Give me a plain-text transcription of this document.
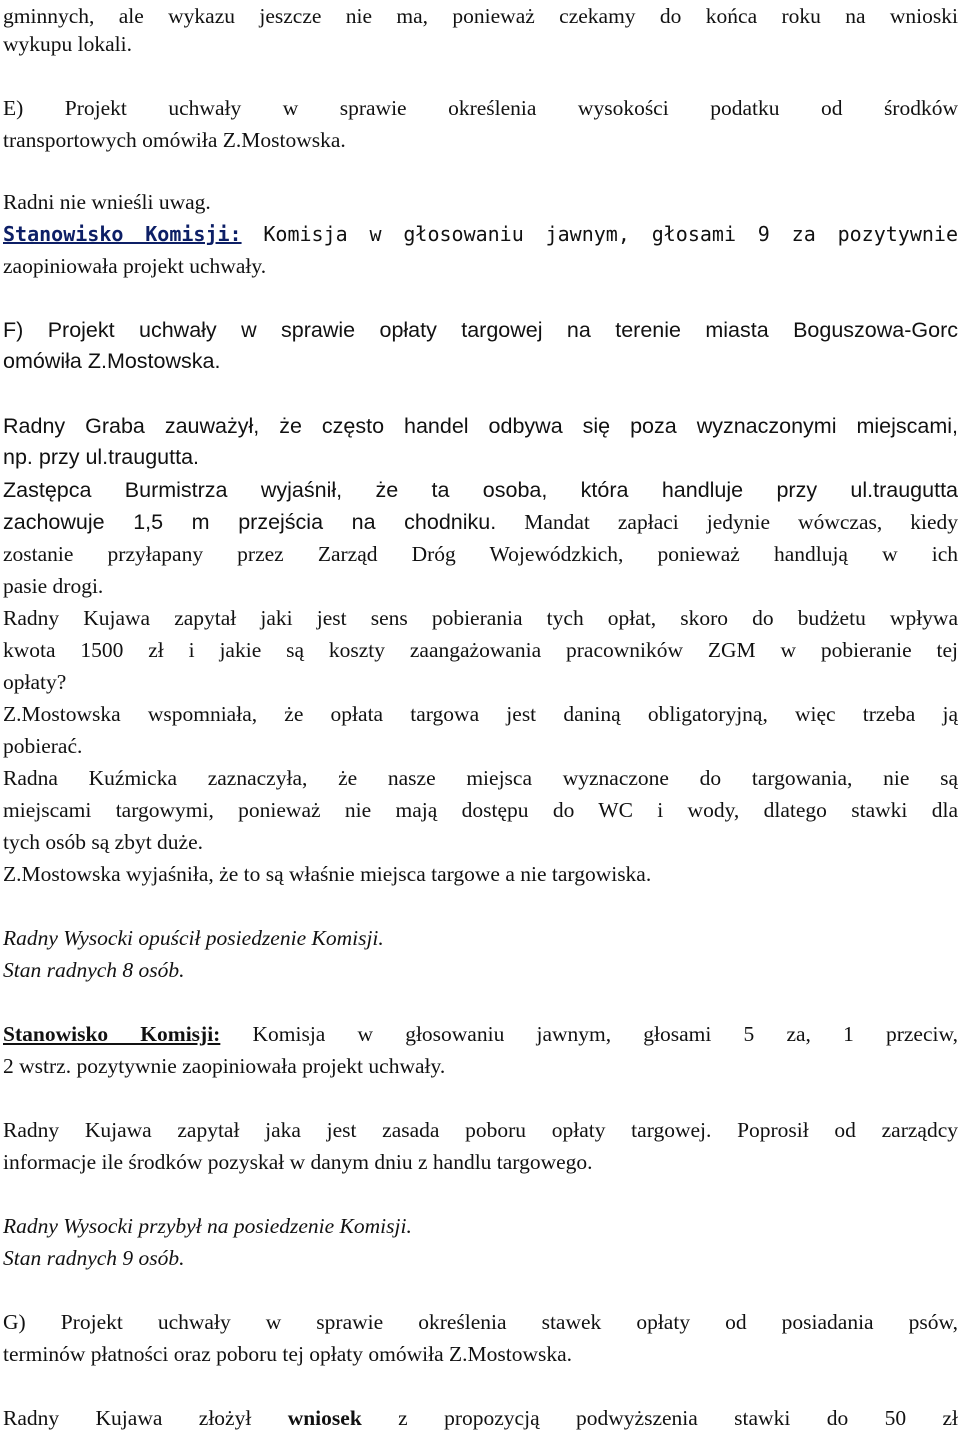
gminnych, ale wykazu jeszcze nie ma, ponieważ czekamy do końca roku na wnioski
wykupu lokali.
E) Projekt uchwały w sprawie określenia wysokości podatku od środków
transportowych omówiła Z.Mostowska.
Radni nie wnieśli uwag.
Stanowisko Komisji: Komisja w głosowaniu jawnym, głosami 9 za pozytywnie
zaopiniowała projekt uchwały.
F) Projekt uchwały w sprawie opłaty targowej na terenie miasta Boguszowa-Gorc
omówiła Z.Mostowska.
Radny Graba zauważył, że często handel odbywa się poza wyznaczonymi miejscami,
np. przy ul.traugutta.
Zastępca Burmistrza wyjaśnił, że ta osoba, która handluje przy ul.traugutta
zachowuje 1,5 m przejścia na chodniku. Mandat zapłaci jedynie wówczas, kiedy
zostanie przyłapany przez Zarząd Dróg Wojewódzkich, ponieważ handlują w ich
pasie drogi.
Radny Kujawa zapytał jaki jest sens pobierania tych opłat, skoro do budżetu wpływa
kwota 1500 zł i jakie są koszty zaangażowania pracowników ZGM w pobieranie tej
opłaty?
Z.Mostowska wspomniała, że opłata targowa jest daniną obligatoryjną, więc trzeba ją
pobierać.
Radna Kuźmicka zaznaczyła, że nasze miejsca wyznaczone do targowania, nie są
miejscami targowymi, ponieważ nie mają dostępu do WC i wody, dlatego stawki dla
tych osób są zbyt duże.
Z.Mostowska wyjaśniła, że to są właśnie miejsca targowe a nie targowiska.
Radny Wysocki opuścił posiedzenie Komisji.
Stan radnych 8 osób.
Stanowisko Komisji: Komisja w głosowaniu jawnym, głosami 5 za, 1 przeciw,
2 wstrz. pozytywnie zaopiniowała projekt uchwały.
Radny Kujawa zapytał jaka jest zasada poboru opłaty targowej. Poprosił od zarządcy
informacje ile środków pozyskał w danym dniu z handlu targowego.
Radny Wysocki przybył na posiedzenie Komisji.
Stan radnych 9 osób.
G) Projekt uchwały w sprawie określenia stawek opłaty od posiadania psów,
terminów płatności oraz poboru tej opłaty omówiła Z.Mostowska.
Radny Kujawa złożył wniosek z propozycją podwyższenia stawki do 50 zł
